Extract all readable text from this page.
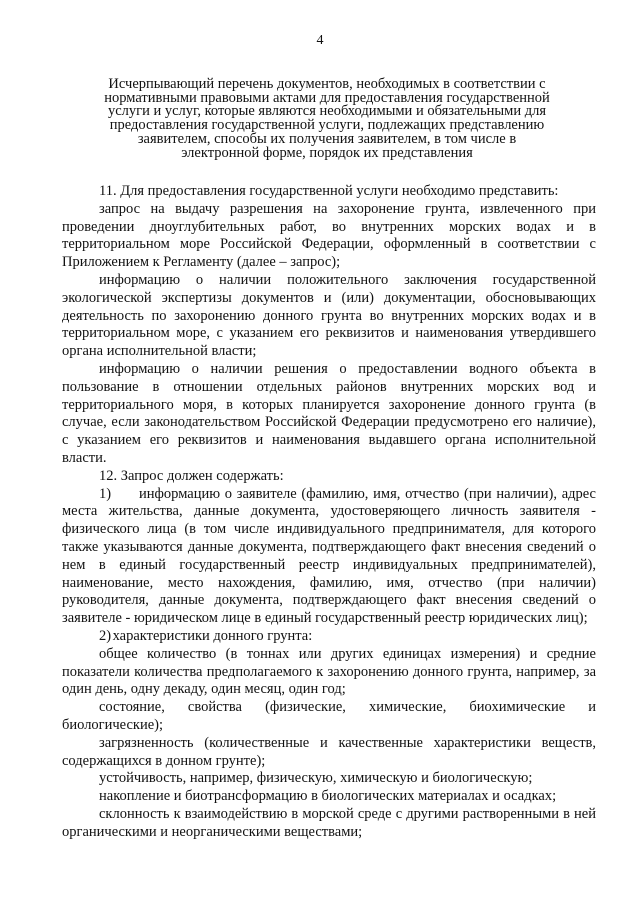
4
Исчерпывающий перечень документов, необходимых в соответствии с
нормативными правовыми актами для предоставления государственной
услуги и услуг, которые являются необходимыми и обязательными для
предоставления государственной услуги, подлежащих представлению
заявителем, способы их получения заявителем, в том числе в
электронной форме, порядок их представления

11. Для предоставления государственной услуги необходимо представить:

запрос на выдачу разрешения на захоронение грунта, извлеченного при проведении дноуглубительных работ, во внутренних морских водах и в территориальном море Российской Федерации, оформленный в соответствии с Приложением к Регламенту (далее – запрос);

информацию о наличии положительного заключения государственной экологической экспертизы документов и (или) документации, обосновывающих деятельность по захоронению донного грунта во внутренних морских водах и в территориальном море, с указанием его реквизитов и наименования утвердившего органа исполнительной власти;

информацию о наличии решения о предоставлении водного объекта в пользование в отношении отдельных районов внутренних морских вод и территориального моря, в которых планируется захоронение донного грунта (в случае, если законодательством Российской Федерации предусмотрено его наличие), с указанием его реквизитов и наименования выдавшего органа исполнительной власти.

12. Запрос должен содержать:

1) информацию о заявителе (фамилию, имя, отчество (при наличии), адрес места жительства, данные документа, удостоверяющего личность заявителя - физического лица (в том числе индивидуального предпринимателя, для которого также указываются данные документа, подтверждающего факт внесения сведений о нем в единый государственный реестр индивидуальных предпринимателей), наименование, место нахождения, фамилию, имя, отчество (при наличии) руководителя, данные документа, подтверждающего факт внесения сведений о заявителе - юридическом лице в единый государственный реестр юридических лиц);

2) характеристики донного грунта:

общее количество (в тоннах или других единицах измерения) и средние показатели количества предполагаемого к захоронению донного грунта, например, за один день, одну декаду, один месяц, один год;

состояние, свойства (физические, химические, биохимические и биологические);

загрязненность (количественные и качественные характеристики веществ, содержащихся в донном грунте);

устойчивость, например, физическую, химическую и биологическую;

накопление и биотрансформацию в биологических материалах и осадках;

склонность к взаимодействию в морской среде с другими растворенными в ней органическими и неорганическими веществами;
